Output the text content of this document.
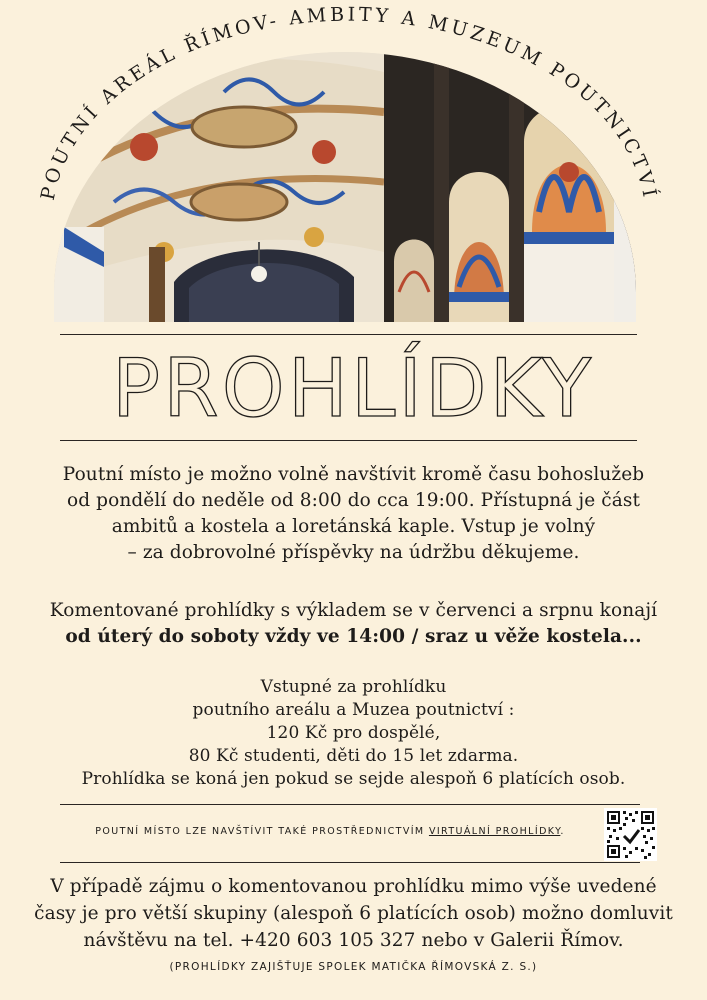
POUTNÍ AREÁL ŘÍMOV- AMBITY A MUZEUM POUTNICTVÍ
PROHLÍDKY
Poutní místo je možno volně navštívit kromě času bohoslužeb
od pondělí do neděle od 8:00 do cca 19:00. Přístupná je část
ambitů a kostela a loretánská kaple. Vstup je volný
– za dobrovolné příspěvky na údržbu děkujeme.
Komentované prohlídky s výkladem se v červenci a srpnu konají
od úterý do soboty vždy ve 14:00 / sraz u věže kostela...
Vstupné za prohlídku
poutního areálu a Muzea poutnictví :
120 Kč pro dospělé,
80 Kč studenti, děti do 15 let zdarma.
Prohlídka se koná jen pokud se sejde alespoň 6 platících osob.
POUTNÍ MÍSTO LZE NAVŠTÍVIT TAKÉ PROSTŘEDNICTVÍM VIRTUÁLNÍ PROHLÍDKY.
V případě zájmu o komentovanou prohlídku mimo výše uvedené
časy je pro větší skupiny (alespoň 6 platících osob) možno domluvit
návštěvu na tel. +420 603 105 327 nebo v Galerii Římov.
(PROHLÍDKY ZAJIŠŤUJE SPOLEK MATIČKA ŘÍMOVSKÁ Z. S.)
